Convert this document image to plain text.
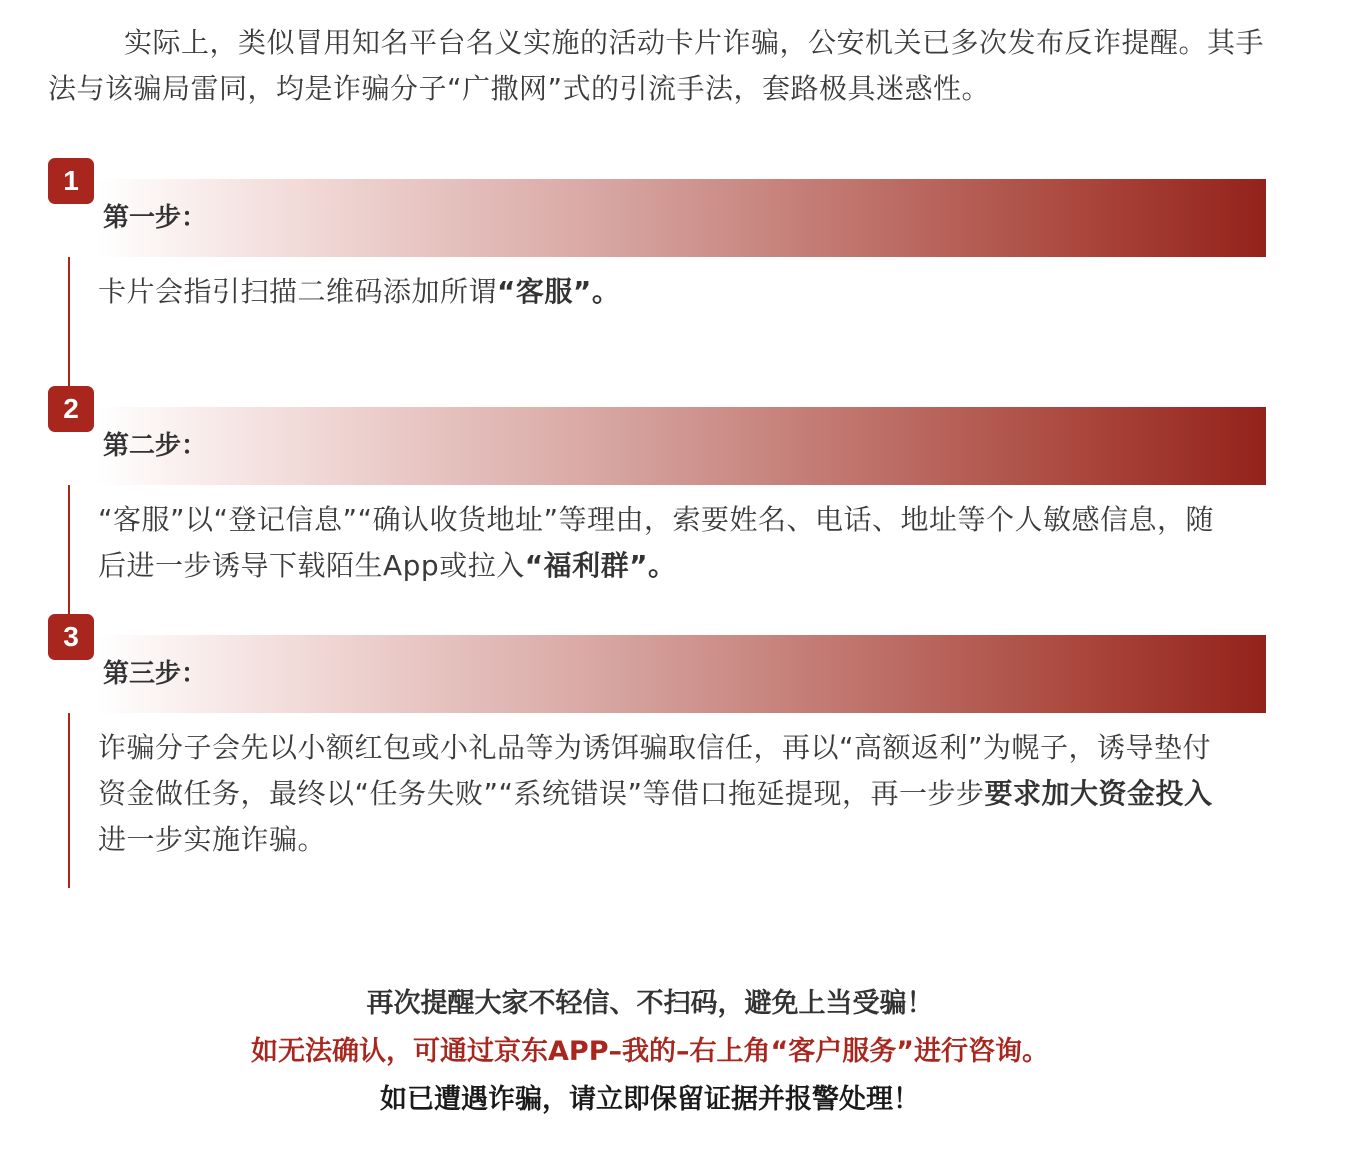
实际上，类似冒用知名平台名义实施的活动卡片诈骗，公安机关已多次发布反诈提醒。其手法与该骗局雷同，均是诈骗分子“广撒网”式的引流手法，套路极具迷惑性。

1
第一步：
卡片会指引扫描二维码添加所谓“客服”。
2
第二步：
“客服”以“登记信息”“确认收货地址”等理由，索要姓名、电话、地址等个人敏感信息，随后进一步诱导下载陌生App或拉入“福利群”。
3
第三步：
诈骗分子会先以小额红包或小礼品等为诱饵骗取信任，再以“高额返利”为幌子，诱导垫付资金做任务，最终以“任务失败”“系统错误”等借口拖延提现，再一步步要求加大资金投入进一步实施诈骗。
再次提醒大家不轻信、不扫码，避免上当受骗！
如无法确认，可通过京东APP–我的–右上角“客户服务”进行咨询。
如已遭遇诈骗，请立即保留证据并报警处理！
